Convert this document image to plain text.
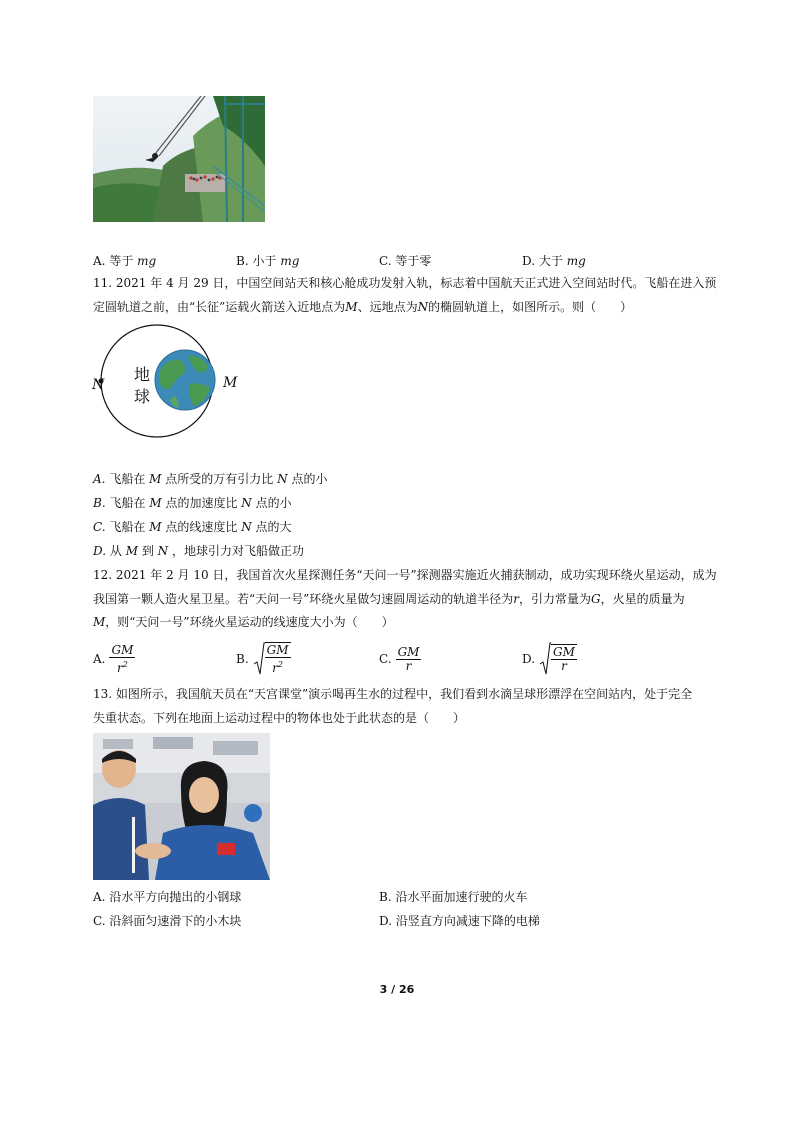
A. 等于 mg	B. 小于 mg	C. 等于零	D. 大于 mg
11. 2021 年 4 月 29 日，中国空间站天和核心舱成功发射入轨，标志着中国航天正式进入空间站时代。飞船在进入预
定圆轨道之前，由“长征”运载火箭送入近地点为M、远地点为N的椭圆轨道上，如图所示。则（　　）
N	M
地
球
A. 飞船在 M 点所受的万有引力比 N 点的小
B. 飞船在 M 点的加速度比 N 点的小
C. 飞船在 M 点的线速度比 N 点的大
D. 从 M 到 N ，地球引力对飞船做正功
12. 2021 年 2 月 10 日，我国首次火星探测任务“天问一号”探测器实施近火捕获制动，成功实现环绕火星运动，成为
我国第一颗人造火星卫星。若“天问一号”环绕火星做匀速圆周运动的轨道半径为r，引力常量为G，火星的质量为
M，则“天问一号”环绕火星运动的线速度大小为（　　）
A. $\frac{GM}{r^2}$	B. $\frac{GM}{r^2}$	C. $\frac{GM}{r}$	D. $\frac{GM}{r}$
13. 如图所示，我国航天员在“天宫课堂”演示喝再生水的过程中，我们看到水滴呈球形漂浮在空间站内，处于完全
失重状态。下列在地面上运动过程中的物体也处于此状态的是（　　）
A. 沿水平方向抛出的小钢球	B. 沿水平面加速行驶的火车
C. 沿斜面匀速滑下的小木块	D. 沿竖直方向减速下降的电梯
3 / 26
